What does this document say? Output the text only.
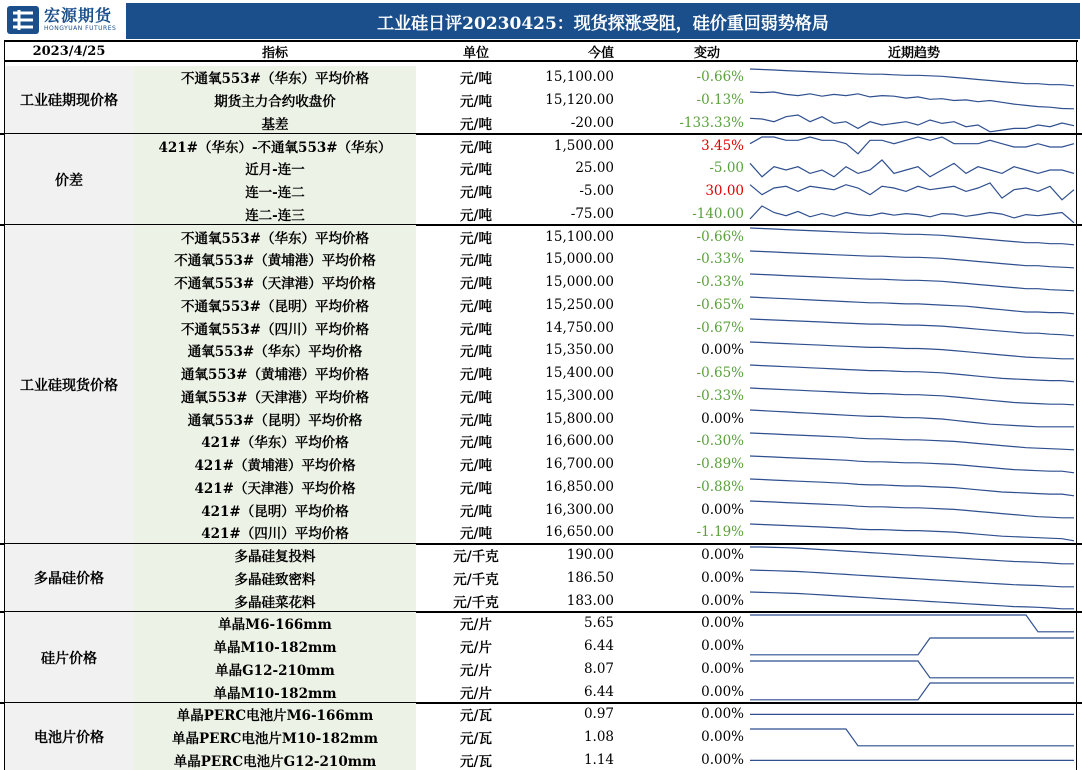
宏源期货
HONGYUAN FUTURES	工业硅日评20230425：现货探涨受阻，硅价重回弱势格局
2023/4/25	指标	单位	今值	变动	近期趋势
工业硅期现价格
不通氧553#（华东）平均价格	元/吨	15,100.00	-0.66%
期货主力合约收盘价	元/吨	15,120.00	-0.13%
基差	元/吨	-20.00	-133.33%
价差
421#（华东）-不通氧553#（华东）	元/吨	1,500.00	3.45%
近月-连一	元/吨	25.00	-5.00
连一-连二	元/吨	-5.00	30.00
连二-连三	元/吨	-75.00	-140.00
工业硅现货价格
不通氧553#（华东）平均价格	元/吨	15,100.00	-0.66%
不通氧553#（黄埔港）平均价格	元/吨	15,000.00	-0.33%
不通氧553#（天津港）平均价格	元/吨	15,000.00	-0.33%
不通氧553#（昆明）平均价格	元/吨	15,250.00	-0.65%
不通氧553#（四川）平均价格	元/吨	14,750.00	-0.67%
通氧553#（华东）平均价格	元/吨	15,350.00	0.00%
通氧553#（黄埔港）平均价格	元/吨	15,400.00	-0.65%
通氧553#（天津港）平均价格	元/吨	15,300.00	-0.33%
通氧553#（昆明）平均价格	元/吨	15,800.00	0.00%
421#（华东）平均价格	元/吨	16,600.00	-0.30%
421#（黄埔港）平均价格	元/吨	16,700.00	-0.89%
421#（天津港）平均价格	元/吨	16,850.00	-0.88%
421#（昆明）平均价格	元/吨	16,300.00	0.00%
421#（四川）平均价格	元/吨	16,650.00	-1.19%
多晶硅价格
多晶硅复投料	元/千克	190.00	0.00%
多晶硅致密料	元/千克	186.50	0.00%
多晶硅菜花料	元/千克	183.00	0.00%
硅片价格
单晶M6-166mm	元/片	5.65	0.00%
单晶M10-182mm	元/片	6.44	0.00%
单晶G12-210mm	元/片	8.07	0.00%
单晶M10-182mm	元/片	6.44	0.00%
电池片价格
单晶PERC电池片M6-166mm	元/瓦	0.97	0.00%
单晶PERC电池片M10-182mm	元/瓦	1.08	0.00%
单晶PERC电池片G12-210mm	元/瓦	1.14	0.00%
